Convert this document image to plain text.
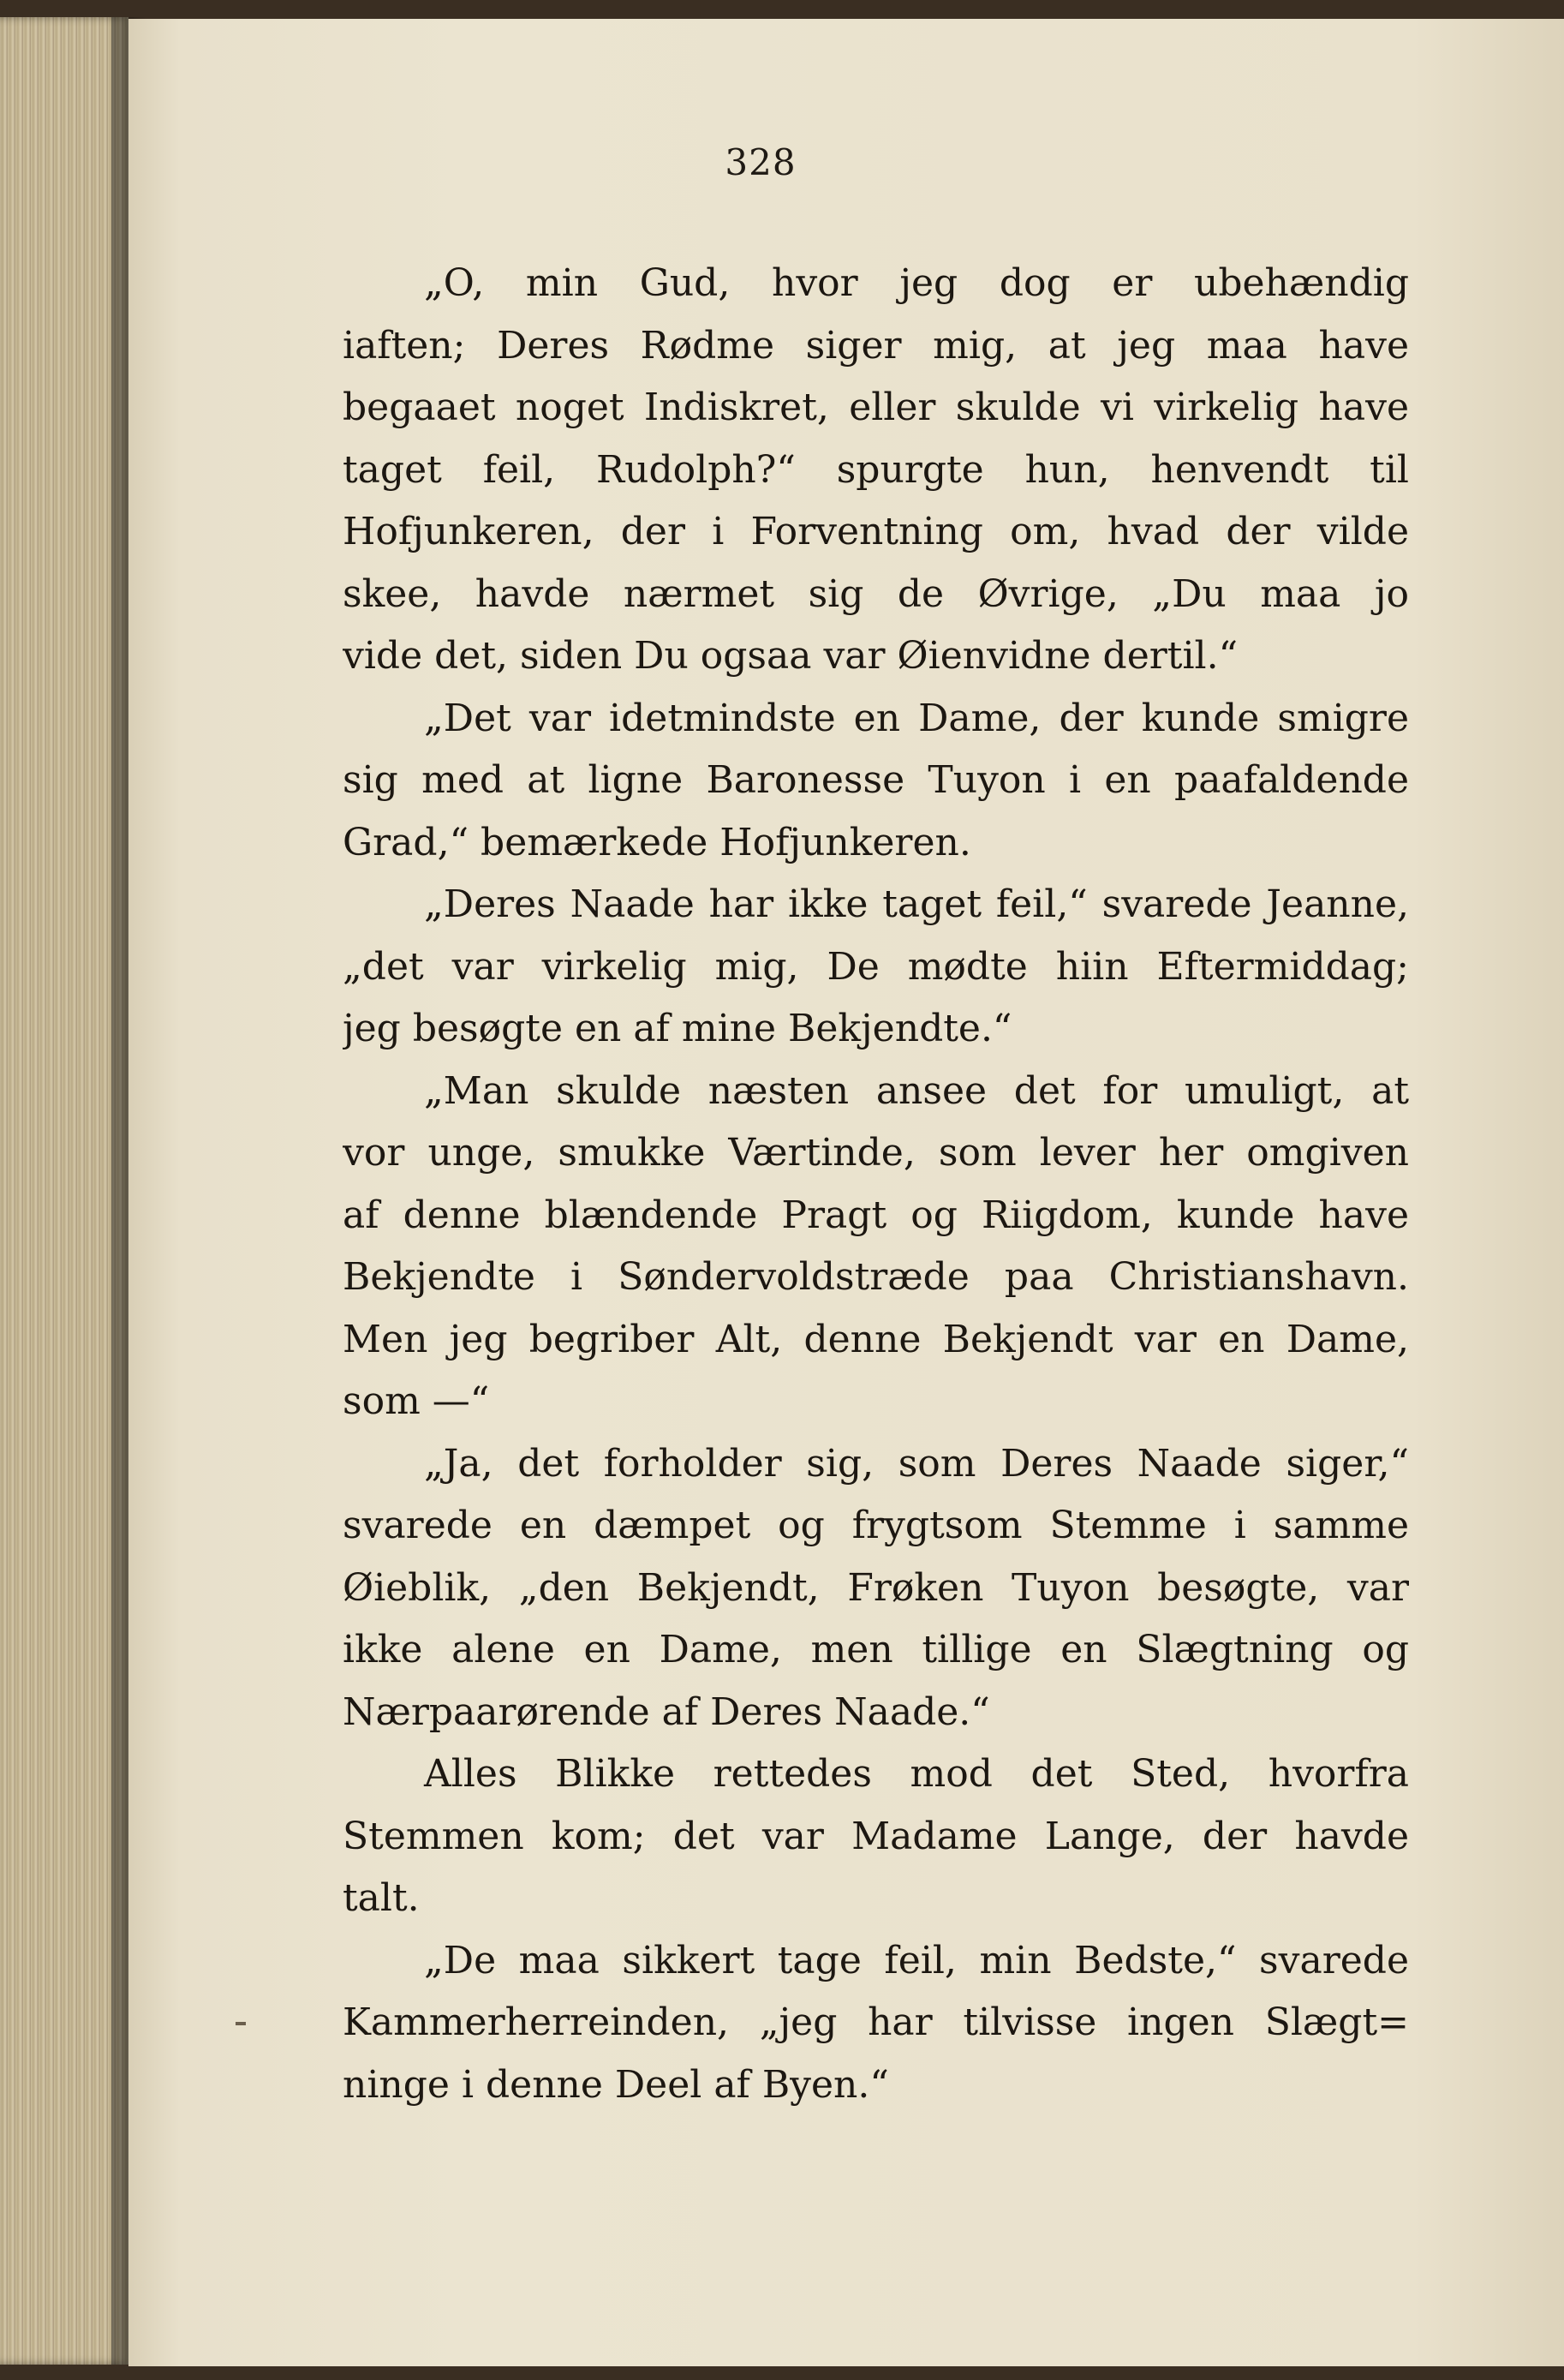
328
„O, min Gud, hvor jeg dog er ubehændig
iaften; Deres Rødme siger mig, at jeg maa have
begaaet noget Indiskret, eller skulde vi virkelig have
taget feil, Rudolph?“ spurgte hun, henvendt til
Hofjunkeren, der i Forventning om, hvad der vilde
skee, havde nærmet sig de Øvrige, „Du maa jo
vide det, siden Du ogsaa var Øienvidne dertil.“
„Det var idetmindste en Dame, der kunde smigre
sig med at ligne Baronesse Tuyon i en paafaldende
Grad,“ bemærkede Hofjunkeren.
„Deres Naade har ikke taget feil,“ svarede Jeanne,
„det var virkelig mig, De mødte hiin Eftermiddag;
jeg besøgte en af mine Bekjendte.“
„Man skulde næsten ansee det for umuligt, at
vor unge, smukke Værtinde, som lever her omgiven
af denne blændende Pragt og Riigdom, kunde have
Bekjendte i Søndervoldstræde paa Christianshavn.
Men jeg begriber Alt, denne Bekjendt var en Dame,
som —“
„Ja, det forholder sig, som Deres Naade siger,“
svarede en dæmpet og frygtsom Stemme i samme
Øieblik, „den Bekjendt, Frøken Tuyon besøgte, var
ikke alene en Dame, men tillige en Slægtning og
Nærpaarørende af Deres Naade.“
Alles Blikke rettedes mod det Sted, hvorfra
Stemmen kom; det var Madame Lange, der havde
talt.
„De maa sikkert tage feil, min Bedste,“ svarede
Kammerherreinden, „jeg har tilvisse ingen Slægt=
ninge i denne Deel af Byen.“
